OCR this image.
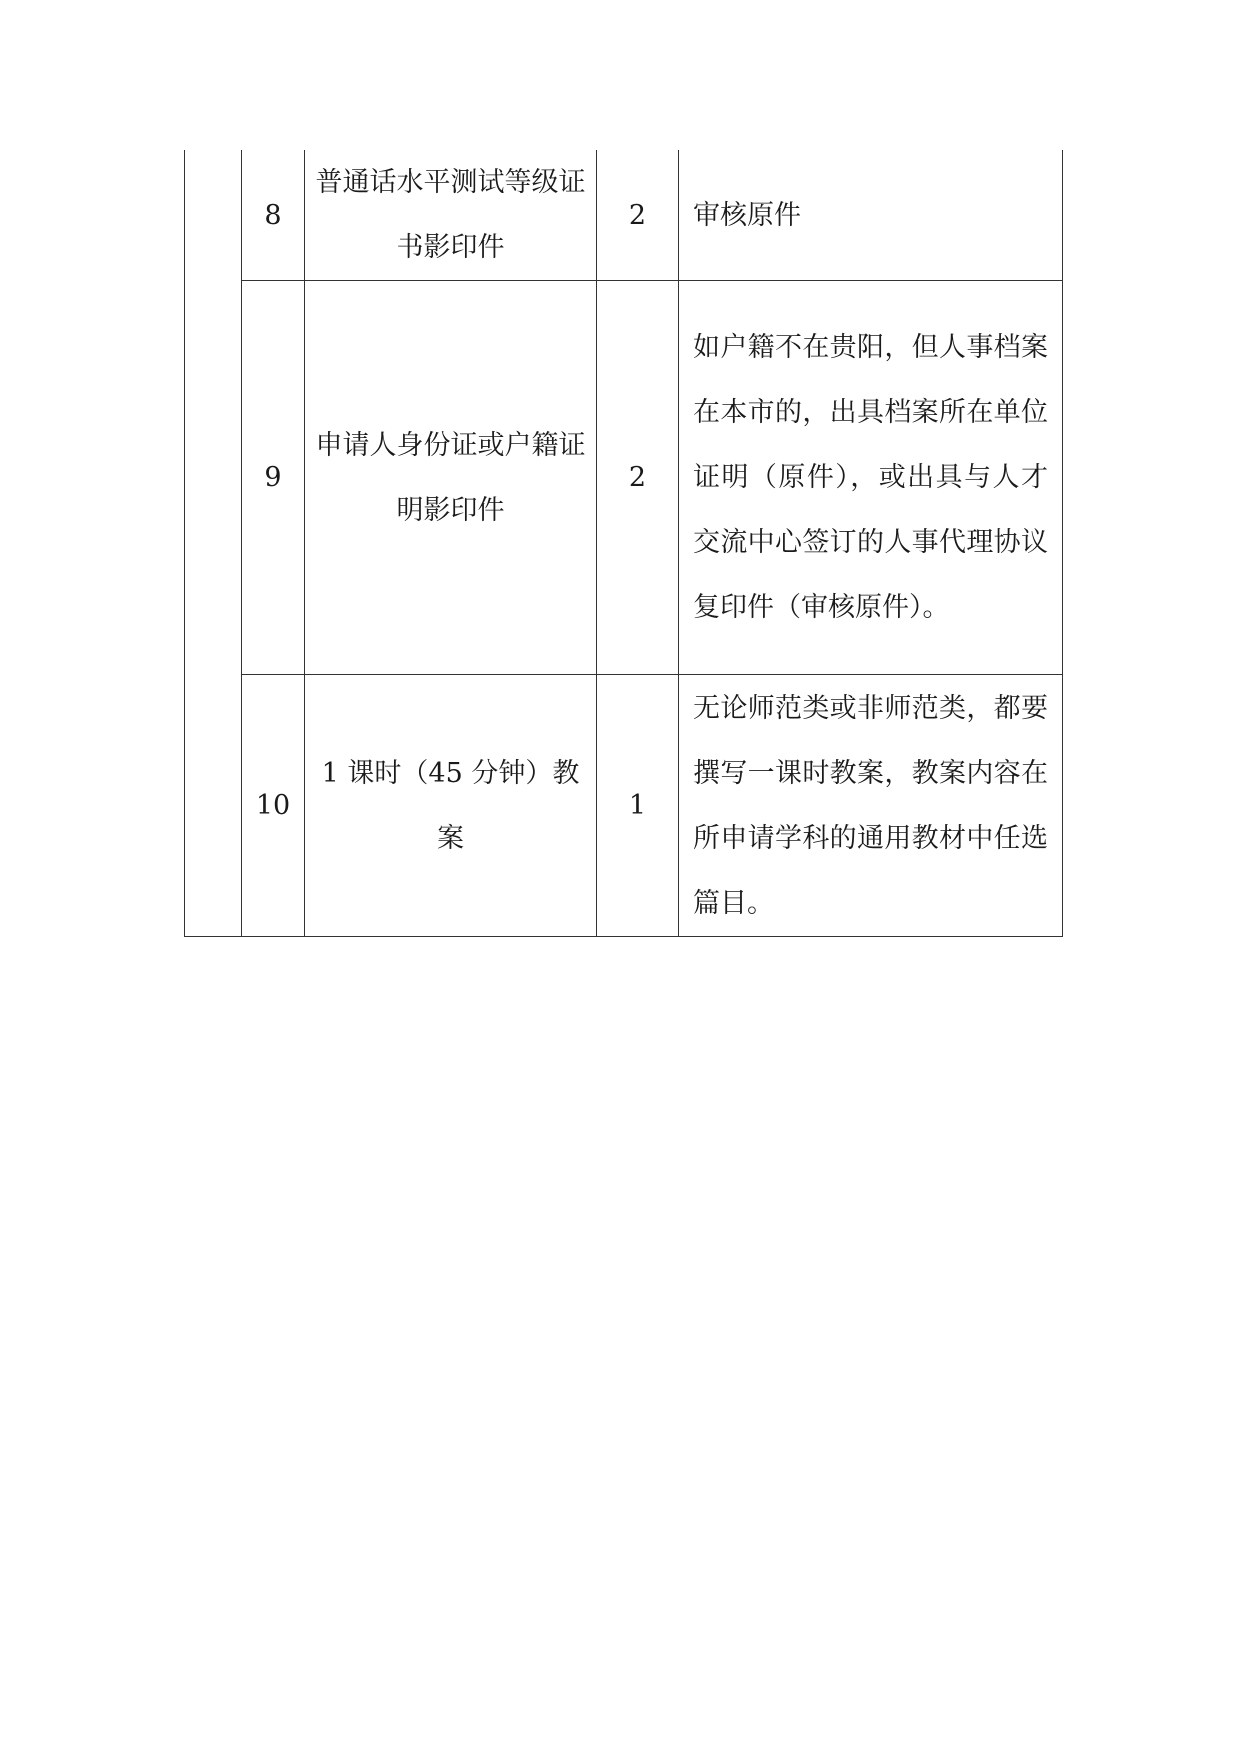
	8	普通话水平测试等级证书影印件	2	审核原件

	9	申请人身份证或户籍证明影印件	2	如户籍不在贵阳，但人事档案在本市的，出具档案所在单位证明（原件），或出具与人才交流中心签订的人事代理协议复印件（审核原件）。

	10	1 课时（45 分钟）教案	1	无论师范类或非师范类，都要撰写一课时教案，教案内容在所申请学科的通用教材中任选篇目。
